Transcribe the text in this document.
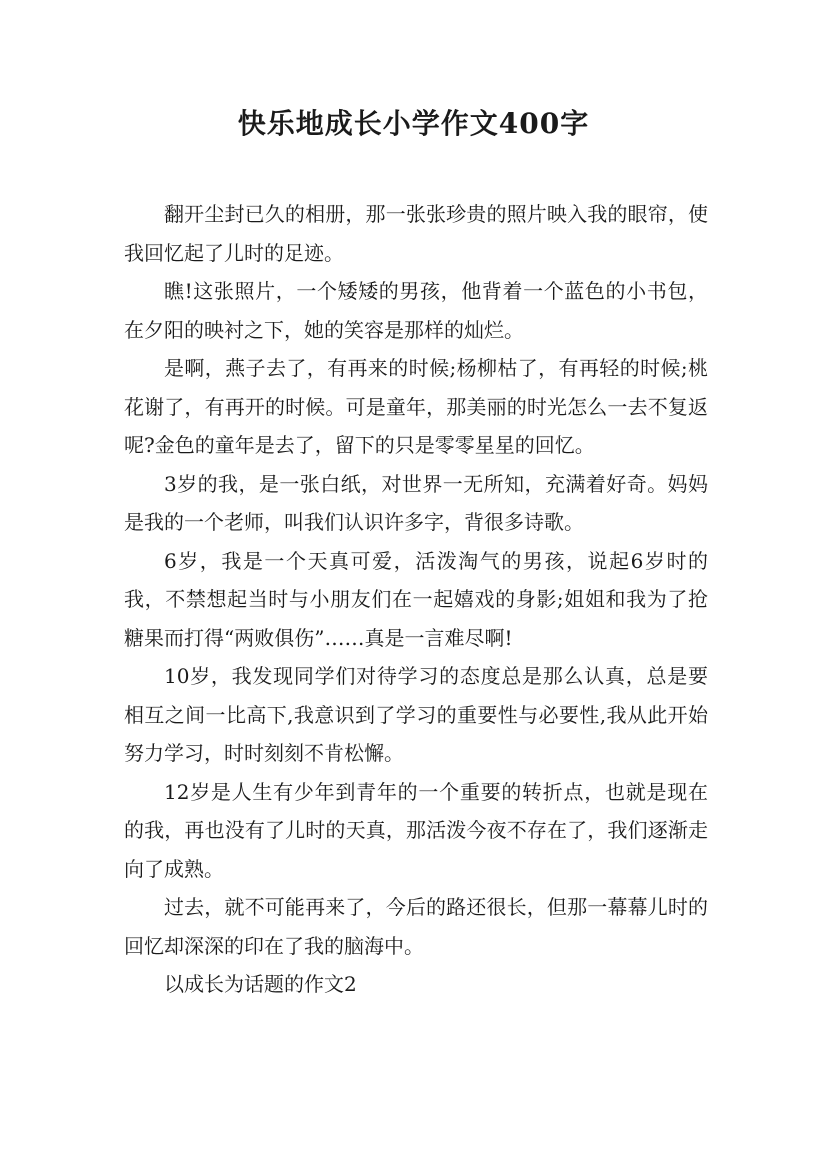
快乐地成长小学作文400字

翻开尘封已久的相册，那一张张珍贵的照片映入我的眼帘，使我回忆起了儿时的足迹。

瞧!这张照片，一个矮矮的男孩，他背着一个蓝色的小书包，在夕阳的映衬之下，她的笑容是那样的灿烂。

是啊，燕子去了，有再来的时候;杨柳枯了，有再轻的时候;桃花谢了，有再开的时候。可是童年，那美丽的时光怎么一去不复返呢?金色的童年是去了，留下的只是零零星星的回忆。

3岁的我，是一张白纸，对世界一无所知，充满着好奇。妈妈是我的一个老师，叫我们认识许多字，背很多诗歌。

6岁，我是一个天真可爱，活泼淘气的男孩，说起6岁时的我，不禁想起当时与小朋友们在一起嬉戏的身影;姐姐和我为了抢糖果而打得“两败俱伤”……真是一言难尽啊!

10岁，我发现同学们对待学习的态度总是那么认真，总是要相互之间一比高下,我意识到了学习的重要性与必要性,我从此开始努力学习，时时刻刻不肯松懈。

12岁是人生有少年到青年的一个重要的转折点，也就是现在的我，再也没有了儿时的天真，那活泼今夜不存在了，我们逐渐走向了成熟。

过去，就不可能再来了，今后的路还很长，但那一幕幕儿时的回忆却深深的印在了我的脑海中。

以成长为话题的作文2
